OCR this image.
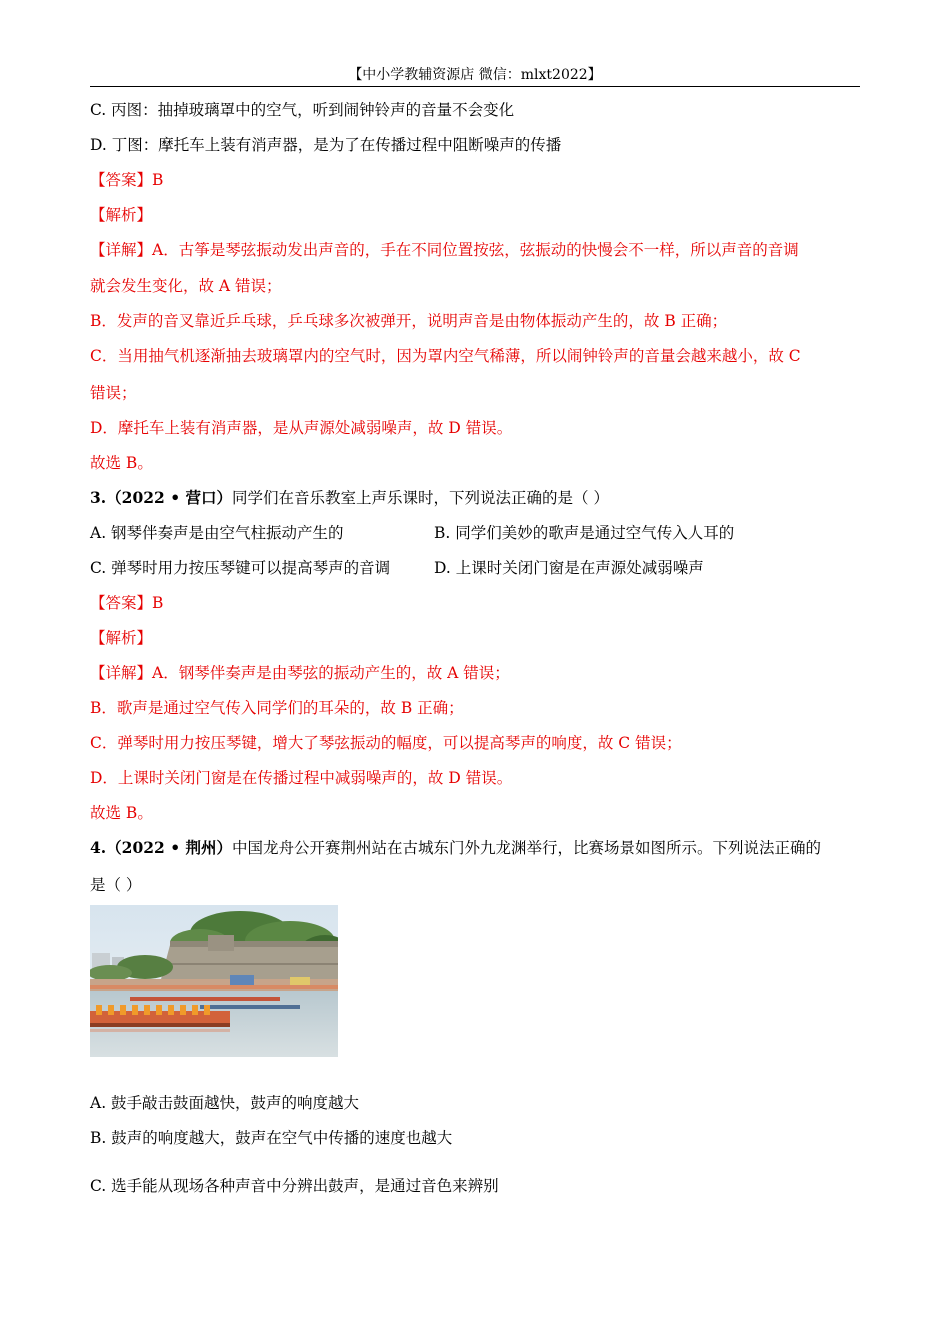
【中小学教辅资源店 微信：mlxt2022】
C. 丙图：抽掉玻璃罩中的空气，听到闹钟铃声的音量不会变化
D. 丁图：摩托车上装有消声器，是为了在传播过程中阻断噪声的传播
【答案】B
【解析】
【详解】A．古筝是琴弦振动发出声音的，手在不同位置按弦，弦振动的快慢会不一样，所以声音的音调
就会发生变化，故 A 错误；
B．发声的音叉靠近乒乓球，乒乓球多次被弹开，说明声音是由物体振动产生的，故 B 正确；
C．当用抽气机逐渐抽去玻璃罩内的空气时，因为罩内空气稀薄，所以闹钟铃声的音量会越来越小，故 C
错误；
D．摩托车上装有消声器，是从声源处减弱噪声，故 D 错误。
故选 B。
3.（2022 • 营口）同学们在音乐教室上声乐课时，下列说法正确的是（ ）
A. 钢琴伴奏声是由空气柱振动产生的	B. 同学们美妙的歌声是通过空气传入人耳的
C. 弹琴时用力按压琴键可以提高琴声的音调	D. 上课时关闭门窗是在声源处减弱噪声
【答案】B
【解析】
【详解】A．钢琴伴奏声是由琴弦的振动产生的，故 A 错误；
B．歌声是通过空气传入同学们的耳朵的，故 B 正确；
C．弹琴时用力按压琴键，增大了琴弦振动的幅度，可以提高琴声的响度，故 C 错误；
D．上课时关闭门窗是在传播过程中减弱噪声的，故 D 错误。
故选 B。
4.（2022 • 荆州）中国龙舟公开赛荆州站在古城东门外九龙渊举行，比赛场景如图所示。下列说法正确的
是（ ）
A. 鼓手敲击鼓面越快，鼓声的响度越大
B. 鼓声的响度越大，鼓声在空气中传播的速度也越大
C. 选手能从现场各种声音中分辨出鼓声，是通过音色来辨别
